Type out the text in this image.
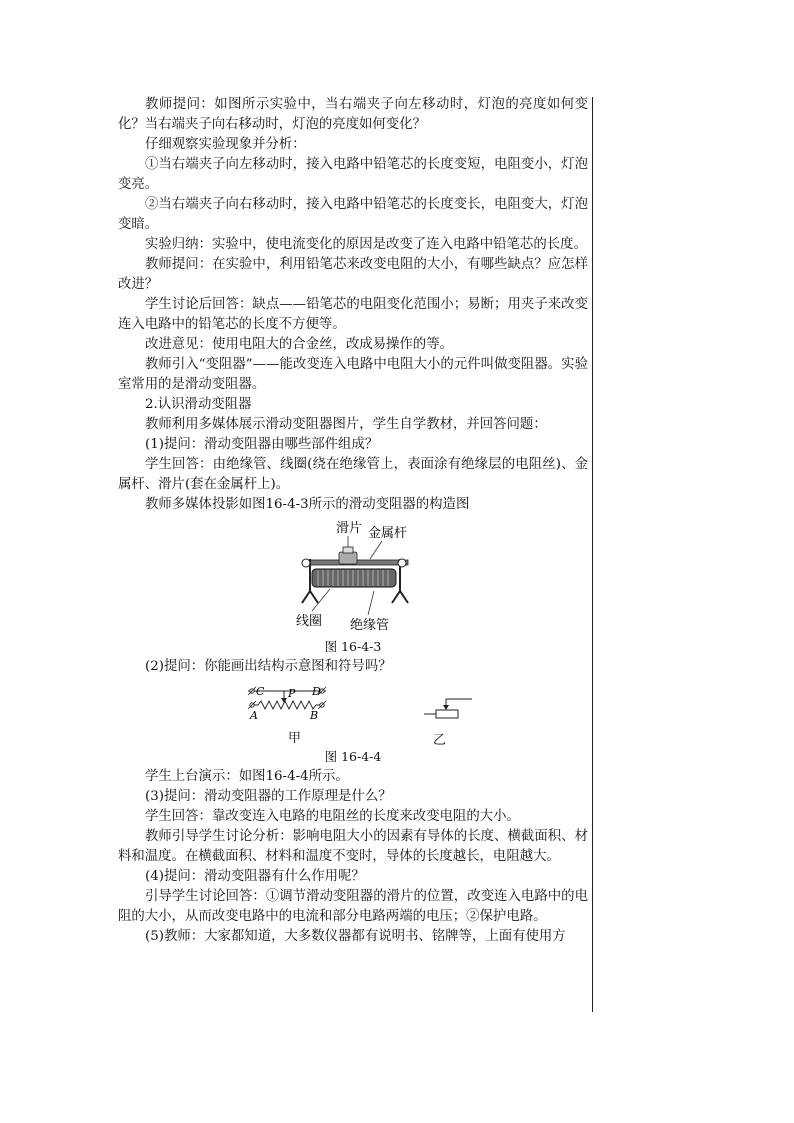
教师提问：如图所示实验中，当右端夹子向左移动时，灯泡的亮度如何变化？当右端夹子向右移动时，灯泡的亮度如何变化？

仔细观察实验现象并分析：

①当右端夹子向左移动时，接入电路中铅笔芯的长度变短，电阻变小，灯泡变亮。

②当右端夹子向右移动时，接入电路中铅笔芯的长度变长，电阻变大，灯泡变暗。

实验归纳：实验中，使电流变化的原因是改变了连入电路中铅笔芯的长度。

教师提问：在实验中，利用铅笔芯来改变电阻的大小，有哪些缺点？应怎样改进？

学生讨论后回答：缺点——铅笔芯的电阻变化范围小；易断；用夹子来改变连入电路中的铅笔芯的长度不方便等。

改进意见：使用电阻大的合金丝，改成易操作的等。

教师引入“变阻器”——能改变连入电路中电阻大小的元件叫做变阻器。实验室常用的是滑动变阻器。

2.认识滑动变阻器

教师利用多媒体展示滑动变阻器图片，学生自学教材，并回答问题：

(1)提问：滑动变阻器由哪些部件组成？

学生回答：由绝缘管、线圈(绕在绝缘管上，表面涂有绝缘层的电阻丝)、金属杆、滑片(套在金属杆上)。

教师多媒体投影如图16-4-3所示的滑动变阻器的构造图

滑片 金属杆
线圈 绝缘管
图 16-4-3

(2)提问：你能画出结构示意图和符号吗？

C	D
P
A	B
甲	乙
图 16-4-4

学生上台演示：如图16-4-4所示。

(3)提问：滑动变阻器的工作原理是什么？

学生回答：靠改变连入电路的电阻丝的长度来改变电阻的大小。

教师引导学生讨论分析：影响电阻大小的因素有导体的长度、横截面积、材料和温度。在横截面积、材料和温度不变时，导体的长度越长，电阻越大。

(4)提问：滑动变阻器有什么作用呢？

引导学生讨论回答：①调节滑动变阻器的滑片的位置，改变连入电路中的电阻的大小，从而改变电路中的电流和部分电路两端的电压；②保护电路。

(5)教师：大家都知道，大多数仪器都有说明书、铭牌等，上面有使用方
